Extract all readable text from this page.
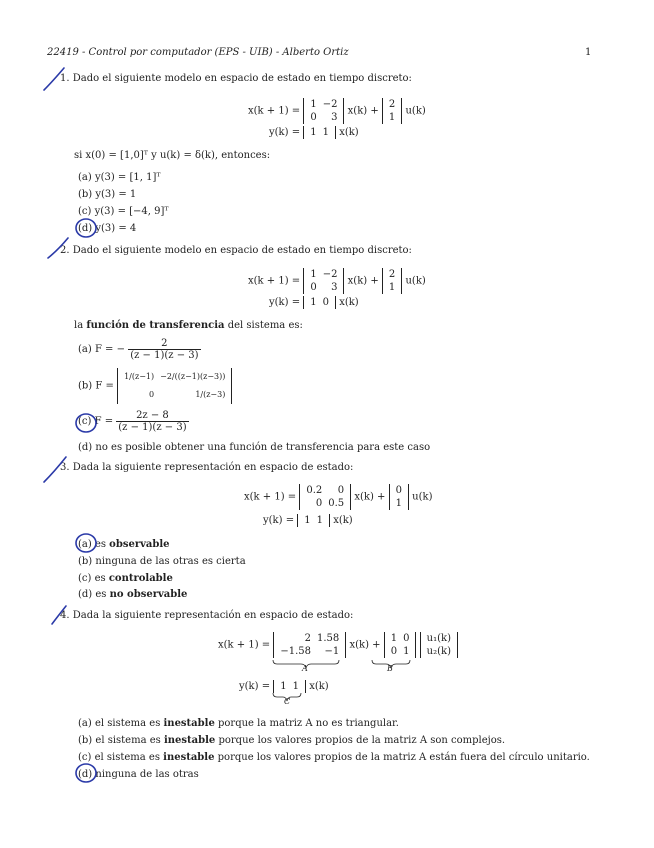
22419 - Control por computador (EPS - UIB) - Alberto Ortiz	1
1. Dado el siguiente modelo en espacio de estado en tiempo discreto:
x(k + 1) =
1	−2
0	3
x(k) +
2
1
u(k)
y(k) = 1	1 x(k)
si x(0) = [1,0]ᵀ y u(k) = δ(k), entonces:
(a) y(3) = [1, 1]ᵀ
(b) y(3) = 1
(c) y(3) = [−4, 9]ᵀ
(d) y(3) = 4
2. Dado el siguiente modelo en espacio de estado en tiempo discreto:
x(k + 1) =
1	−2
0	3
x(k) +
2
1
u(k)
y(k) = 1	0 x(k)
la función de transferencia del sistema es:
(a) F = − $\frac{2}{(z - 1)(z - 3)}$
(b) F =
1/(z−1)	−2/((z−1)(z−3))
0	1/(z−3)
(c) $F = \frac{2z - 8}{(z - 1)(z - 3)}$
(d) no es posible obtener una función de transferencia para este caso
3. Dada la siguiente representación en espacio de estado:
x(k + 1) =
0.2	0
0	0.5
x(k) +
0
1
u(k)
y(k) = 1	1 x(k)
(a) es observable
(b) ninguna de las otras es cierta
(c) es controlable
(d) es no observable
4. Dada la siguiente representación en espacio de estado:
x(k + 1) =
2	1.58
−1.58	−1
x(k) +
1	0
0	1

u₁(k)
u₂(k)
A	B
y(k) = 1	1 x(k)
C
(a) el sistema es inestable porque la matriz A no es triangular.
(b) el sistema es inestable porque los valores propios de la matriz A son complejos.
(c) el sistema es inestable porque los valores propios de la matriz A están fuera del círculo unitario.
(d) ninguna de las otras
